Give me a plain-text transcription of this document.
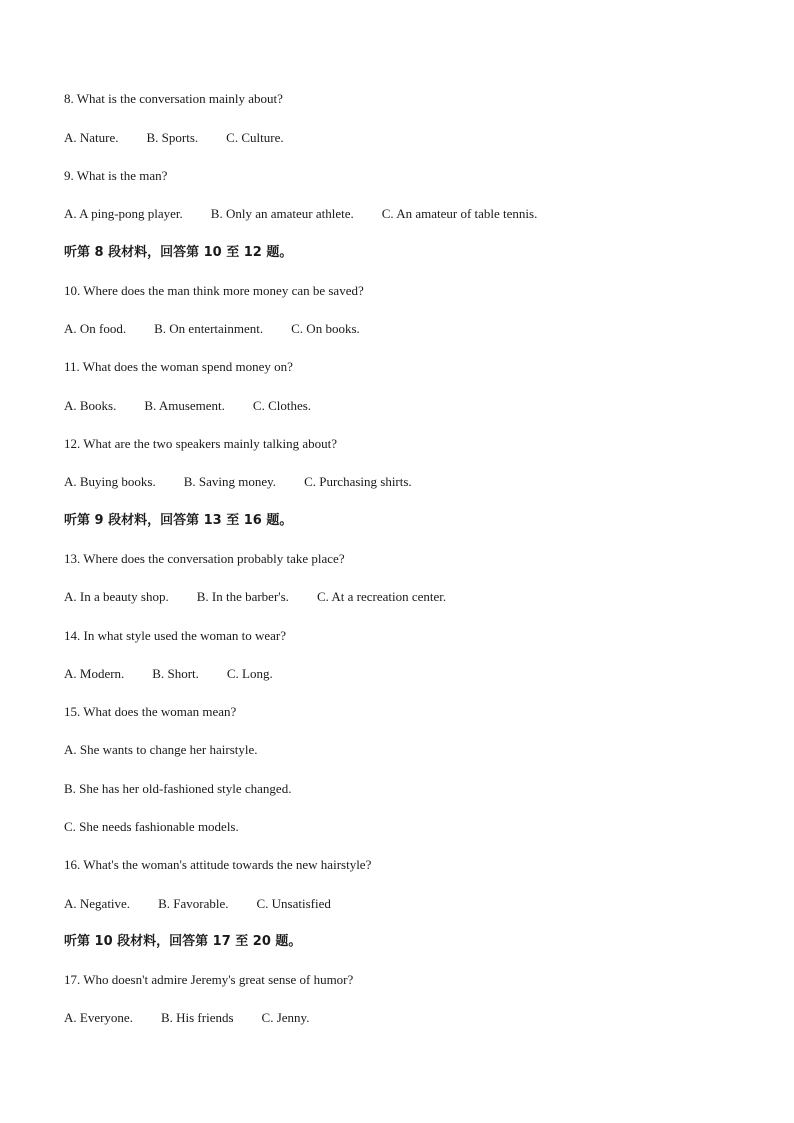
8. What is the conversation mainly about?
A. Nature. B. Sports. C. Culture.
9. What is the man?
A. A ping-pong player. B. Only an amateur athlete. C. An amateur of table tennis.
听第 8 段材料，回答第 10 至 12 题。
10. Where does the man think more money can be saved?
A. On food. B. On entertainment. C. On books.
11. What does the woman spend money on?
A. Books. B. Amusement. C. Clothes.
12. What are the two speakers mainly talking about?
A. Buying books. B. Saving money. C. Purchasing shirts.
听第 9 段材料，回答第 13 至 16 题。
13. Where does the conversation probably take place?
A. In a beauty shop. B. In the barber's. C. At a recreation center.
14. In what style used the woman to wear?
A. Modern. B. Short. C. Long.
15. What does the woman mean?
A. She wants to change her hairstyle.
B. She has her old-fashioned style changed.
C. She needs fashionable models.
16. What's the woman's attitude towards the new hairstyle?
A. Negative. B. Favorable. C. Unsatisfied
听第 10 段材料，回答第 17 至 20 题。
17. Who doesn't admire Jeremy's great sense of humor?
A. Everyone. B. His friends C. Jenny.
